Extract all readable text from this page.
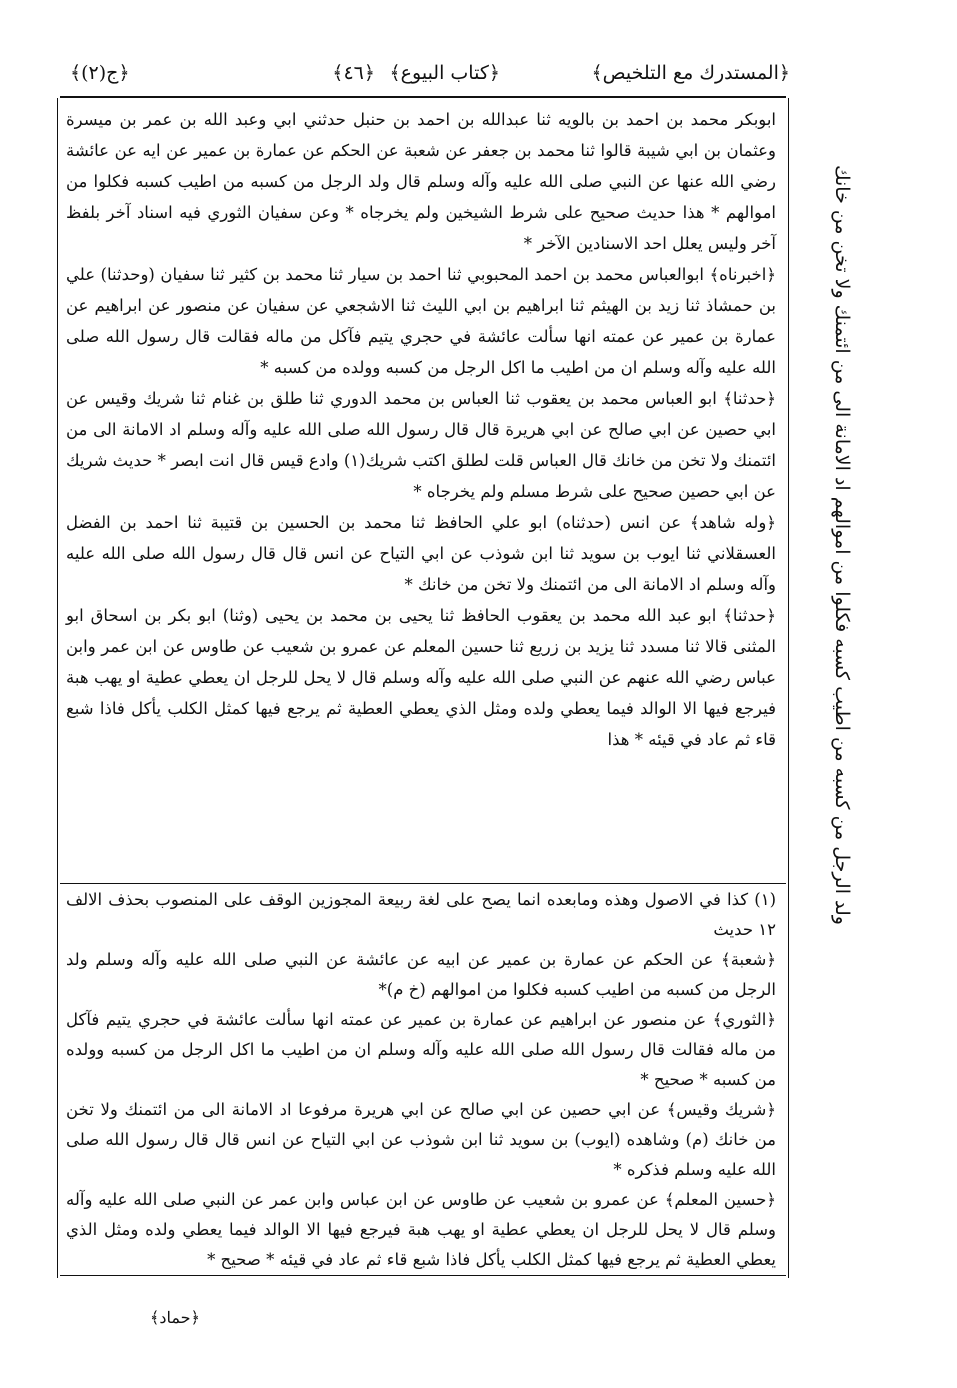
﴿المستدرك مع التلخيص﴾
﴿كتاب البيوع﴾
﴿٤٦﴾
﴿ج(٢)﴾

ابوبكر محمد بن احمد بن بالويه ثنا عبدالله بن احمد بن حنبل حدثني ابي وعبد الله بن عمر بن ميسرة وعثمان بن ابي شيبة قالوا ثنا محمد بن جعفر عن شعبة عن الحكم عن عمارة بن عمير عن ايه عن عائشة رضي الله عنها عن النبي صلى الله عليه وآله وسلم قال ولد الرجل من كسبه من اطيب كسبه فكلوا من اموالهم * هذا حديث صحيح على شرط الشيخين ولم يخرجاه * وعن سفيان الثوري فيه اسناد آخر بلفظ آخر وليس يعلل احد الاسنادين الآخر *

﴿اخبرناه﴾ ابوالعباس محمد بن احمد المحبوبي ثنا احمد بن سيار ثنا محمد بن كثير ثنا سفيان (وحدثنا) علي بن حمشاذ ثنا زيد بن الهيثم ثنا ابراهيم بن ابي الليث ثنا الاشجعي عن سفيان عن منصور عن ابراهيم عن عمارة بن عمير عن عمته انها سألت عائشة في حجري يتيم فآكل من ماله فقالت قال رسول الله صلى الله عليه وآله وسلم ان من اطيب ما اكل الرجل من كسبه وولده من كسبه *

﴿حدثنا﴾ ابو العباس محمد بن يعقوب ثنا العباس بن محمد الدوري ثنا طلق بن غنام ثنا شريك وقيس عن ابي حصين عن ابي صالح عن ابي هريرة قال قال رسول الله صلى الله عليه وآله وسلم اد الامانة الى من ائتمنك ولا تخن من خانك قال العباس قلت لطلق اكتب شريك(١) وادع قيس قال انت ابصر * حديث شريك عن ابي حصين صحيح على شرط مسلم ولم يخرجاه *

﴿وله شاهد﴾ عن انس (حدثناه) ابو علي الحافظ ثنا محمد بن الحسين بن قتيبة ثنا احمد بن الفضل العسقلاني ثنا ايوب بن سويد ثنا ابن شوذب عن ابي التياح عن انس قال قال رسول الله صلى الله عليه وآله وسلم اد الامانة الى من ائتمنك ولا تخن من خانك *

﴿حدثنا﴾ ابو عبد الله محمد بن يعقوب الحافظ ثنا يحيى بن محمد بن يحيى (وثنا) ابو بكر بن اسحاق ابو المثنى قالا ثنا مسدد ثنا يزيد بن زريع ثنا حسين المعلم عن عمرو بن شعيب عن طاوس عن ابن عمر وابن عباس رضي الله عنهم عن النبي صلى الله عليه وآله وسلم قال لا يحل للرجل ان يعطي عطية او يهب هبة فيرجع فيها الا الوالد فيما يعطي ولده ومثل الذي يعطي العطية ثم يرجع فيها كمثل الكلب يأكل فاذا شبع قاء ثم عاد في قيئه * هذا

(١) كذا في الاصول وهذه ومابعده انما يصح على لغة ربيعة المجوزين الوقف على المنصوب بحذف الالف ١٢ حديث

﴿شعبة﴾ عن الحكم عن عمارة بن عمير عن ابيه عن عائشة عن النبي صلى الله عليه وآله وسلم ولد الرجل من كسبه من اطيب كسبه فكلوا من اموالهم (خ م)*

﴿الثوري﴾ عن منصور عن ابراهيم عن عمارة بن عمير عن عمته انها سألت عائشة في حجري يتيم فآكل من ماله فقالت قال رسول الله صلى الله عليه وآله وسلم ان من اطيب ما اكل الرجل من كسبه وولده من كسبه * صحيح *

﴿شريك وقيس﴾ عن ابي حصين عن ابي صالح عن ابي هريرة مرفوعا اد الامانة الى من ائتمنك ولا تخن من خانك (م) وشاهده (ايوب) بن سويد ثنا ابن شوذب عن ابي التياح عن انس قال قال رسول الله صلى الله عليه وسلم فذكره *

﴿حسين المعلم﴾ عن عمرو بن شعيب عن طاوس عن ابن عباس وابن عمر عن النبي صلى الله عليه وآله وسلم قال لا يحل للرجل ان يعطي عطية او يهب هبة فيرجع فيها الا الوالد فيما يعطي ولده ومثل الذي يعطي العطية ثم يرجع فيها كمثل الكلب يأكل فاذا شبع قاء ثم عاد في قيئه * صحيح *

ولد الرجل من كسبه من اطيب كسبه فكلوا من اموالهم اد الامانة الى من ائتمنك ولا تخن من خانك
﴿حماد﴾
